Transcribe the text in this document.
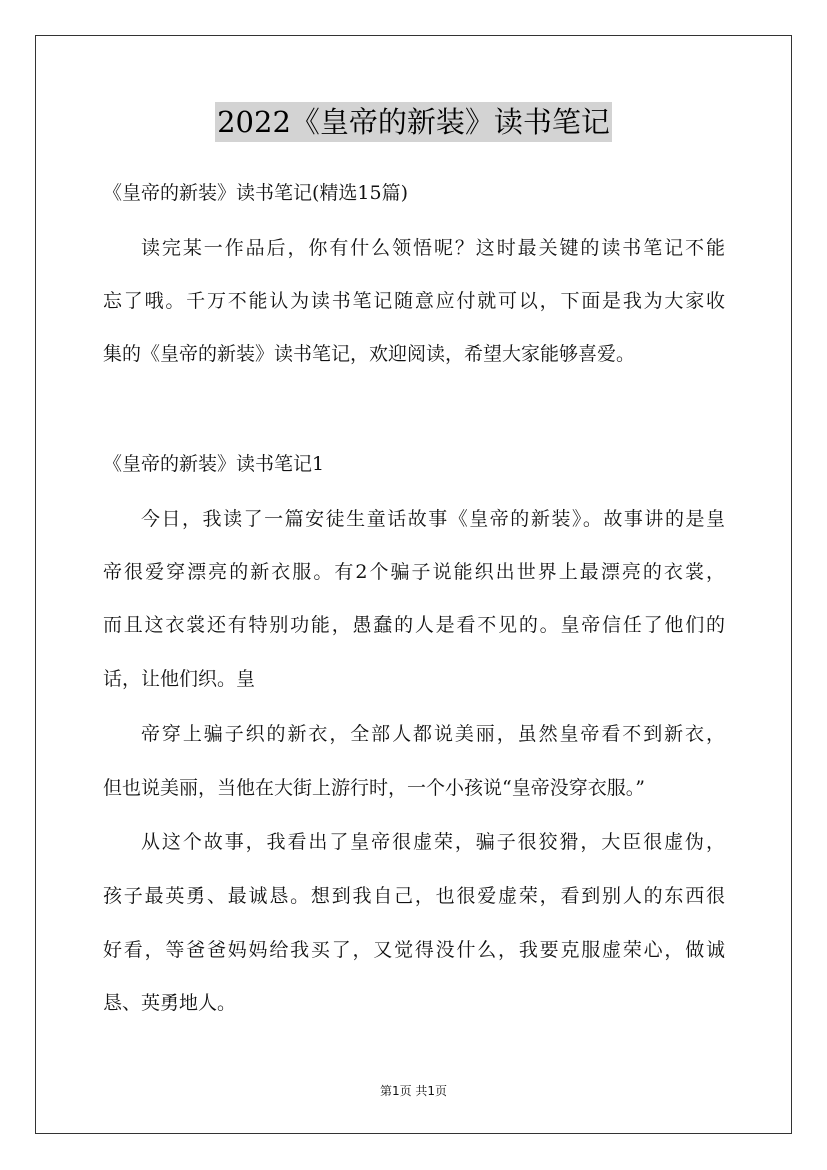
2022《皇帝的新装》读书笔记
《皇帝的新装》读书笔记(精选15篇)
读完某一作品后，你有什么领悟呢？这时最关键的读书笔记不能
忘了哦。千万不能认为读书笔记随意应付就可以，下面是我为大家收
集的《皇帝的新装》读书笔记，欢迎阅读，希望大家能够喜爱。
《皇帝的新装》读书笔记1
今日，我读了一篇安徒生童话故事《皇帝的新装》。故事讲的是皇
帝很爱穿漂亮的新衣服。有2个骗子说能织出世界上最漂亮的衣裳，
而且这衣裳还有特别功能，愚蠢的人是看不见的。皇帝信任了他们的
话，让他们织。皇
帝穿上骗子织的新衣，全部人都说美丽，虽然皇帝看不到新衣，
但也说美丽，当他在大街上游行时，一个小孩说“皇帝没穿衣服。”
从这个故事，我看出了皇帝很虚荣，骗子很狡猾，大臣很虚伪，
孩子最英勇、最诚恳。想到我自己，也很爱虚荣，看到别人的东西很
好看，等爸爸妈妈给我买了，又觉得没什么，我要克服虚荣心，做诚
恳、英勇地人。
第1页 共1页
